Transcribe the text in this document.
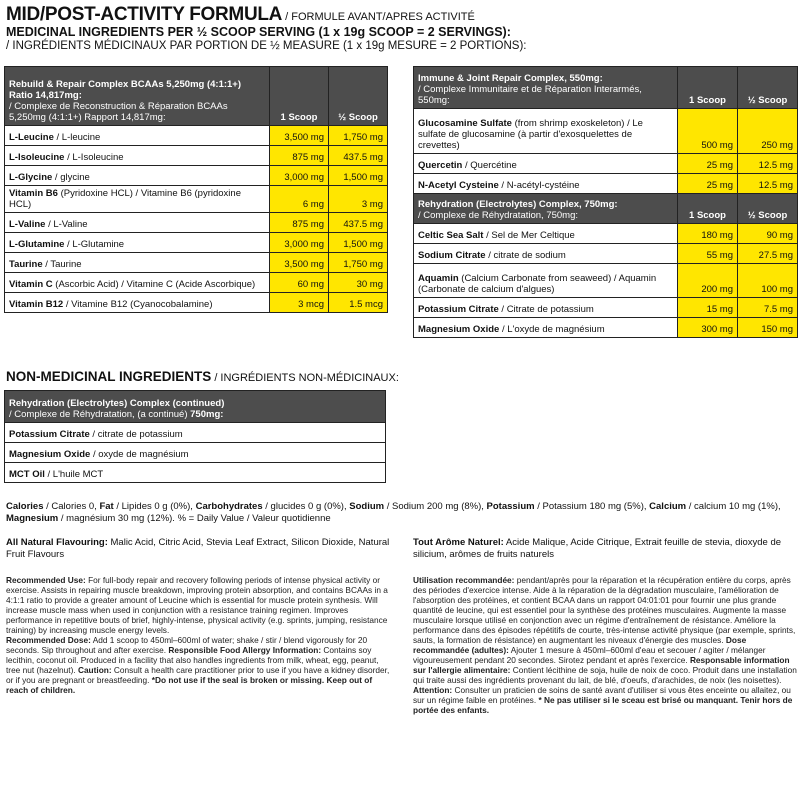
MID/POST-ACTIVITY FORMULA / FORMULE AVANT/APRES ACTIVITÉ
MEDICINAL INGREDIENTS PER ½ SCOOP SERVING (1 x 19g SCOOP = 2 SERVINGS):
/ INGRÉDIENTS MÉDICINAUX PAR PORTION DE ½ MEASURE (1 x 19g MESURE = 2 PORTIONS):
Rebuild & Repair Complex BCAAs 5,250mg (4:1:1+) Ratio 14,817mg:
/ Complexe de Reconstruction & Réparation BCAAs 5,250mg (4:1:1+) Rapport 14,817mg:	1 Scoop	½ Scoop
L-Leucine / L-leucine	3,500 mg	1,750 mg
L-Isoleucine / L-Isoleucine	875 mg	437.5 mg
L-Glycine / glycine	3,000 mg	1,500 mg
Vitamin B6 (Pyridoxine HCL) / Vitamine B6 (pyridoxine HCL)	6 mg	3 mg
L-Valine / L-Valine	875 mg	437.5 mg
L-Glutamine / L-Glutamine	3,000 mg	1,500 mg
Taurine / Taurine	3,500 mg	1,750 mg
Vitamin C (Ascorbic Acid) / Vitamine C (Acide Ascorbique)	60 mg	30 mg
Vitamin B12 / Vitamine B12 (Cyanocobalamine)	3 mcg	1.5 mcg
Immune & Joint Repair Complex, 550mg:
/ Complexe Immunitaire et de Réparation Interarmés, 550mg:	1 Scoop	½ Scoop
Glucosamine Sulfate (from shrimp exoskeleton) / Le sulfate de glucosamine (à partir d'exosquelettes de crevettes)	500 mg	250 mg
Quercetin / Quercétine	25 mg	12.5 mg
N-Acetyl Cysteine / N-acétyl-cystéine	25 mg	12.5 mg
Rehydration (Electrolytes) Complex, 750mg:
/ Complexe de Réhydratation, 750mg:	1 Scoop	½ Scoop
Celtic Sea Salt / Sel de Mer Celtique	180 mg	90 mg
Sodium Citrate / citrate de sodium	55 mg	27.5 mg
Aquamin (Calcium Carbonate from seaweed) / Aquamin (Carbonate de calcium d'algues)	200 mg	100 mg
Potassium Citrate / Citrate de potassium	15 mg	7.5 mg
Magnesium Oxide / L'oxyde de magnésium	300 mg	150 mg
NON-MEDICINAL INGREDIENTS / INGRÉDIENTS NON-MÉDICINAUX:
Rehydration (Electrolytes) Complex (continued)
/ Complexe de Réhydratation, (a continué) 750mg:
Potassium Citrate / citrate de potassium
Magnesium Oxide / oxyde de magnésium
MCT Oil / L'huile MCT
Calories / Calories 0, Fat / Lipides 0 g (0%), Carbohydrates / glucides 0 g (0%), Sodium / Sodium 200 mg (8%), Potassium / Potassium 180 mg (5%), Calcium / calcium 10 mg (1%),
Magnesium / magnésium 30 mg (12%). % = Daily Value / Valeur quotidienne
All Natural Flavouring: Malic Acid, Citric Acid, Stevia Leaf Extract, Silicon Dioxide, Natural Fruit Flavours
Tout Arôme Naturel: Acide Malique, Acide Citrique, Extrait feuille de stevia, dioxyde de silicium, arômes de fruits naturels
Recommended Use: For full-body repair and recovery following periods of intense physical activity or exercise. Assists in repairing muscle breakdown, improving protein absorption, and contains BCAAs in a 4:1:1 ratio to provide a greater amount of Leucine which is essential for muscle protein synthesis. Will increase muscle mass when used in conjunction with a resistance training regimen. Improves performance in repetitive bouts of brief, highly-intense, physical activity (e.g. sprints, jumping, resistance training) by increasing muscle energy levels.
Recommended Dose: Add 1 scoop to 450ml–600ml of water; shake / stir / blend vigorously for 20 seconds. Sip throughout and after exercise. Responsible Food Allergy Information: Contains soy lecithin, coconut oil. Produced in a facility that also handles ingredients from milk, wheat, egg, peanut, tree nut (hazelnut). Caution: Consult a health care practitioner prior to use if you have a kidney disorder, or if you are pregnant or breastfeeding. *Do not use if the seal is broken or missing. Keep out of reach of children.
Utilisation recommandée: pendant/après pour la réparation et la récupération entière du corps, après des périodes d'exercice intense. Aide à la réparation de la dégradation musculaire, l'amélioration de l'absorption des protéines, et contient BCAA dans un rapport 04:01:01 pour fournir une plus grande quantité de leucine, qui est essentiel pour la synthèse des protéines musculaires. Augmente la masse musculaire lorsque utilisé en conjonction avec un régime d'entraînement de résistance. Améliore la performance dans des épisodes répétitifs de courte, très-intense activité physique (par exemple, sprints, sauts, la formation de résistance) en augmentant les niveaux d'énergie des muscles. Dose recommandée (adultes): Ajouter 1 mesure à 450ml–600ml d'eau et secouer / agiter / mélanger vigoureusement pendant 20 secondes. Sirotez pendant et après l'exercice. Responsable information sur l'allergie alimentaire: Contient lécithine de soja, huile de noix de coco. Produit dans une installation qui traite aussi des ingrédients provenant du lait, de blé, d'oeufs, d'arachides, de noix (les noisettes). Attention: Consulter un praticien de soins de santé avant d'utiliser si vous êtes enceinte ou allaitez, ou sur un régime faible en protéines. * Ne pas utiliser si le sceau est brisé ou manquant. Tenir hors de portée des enfants.
